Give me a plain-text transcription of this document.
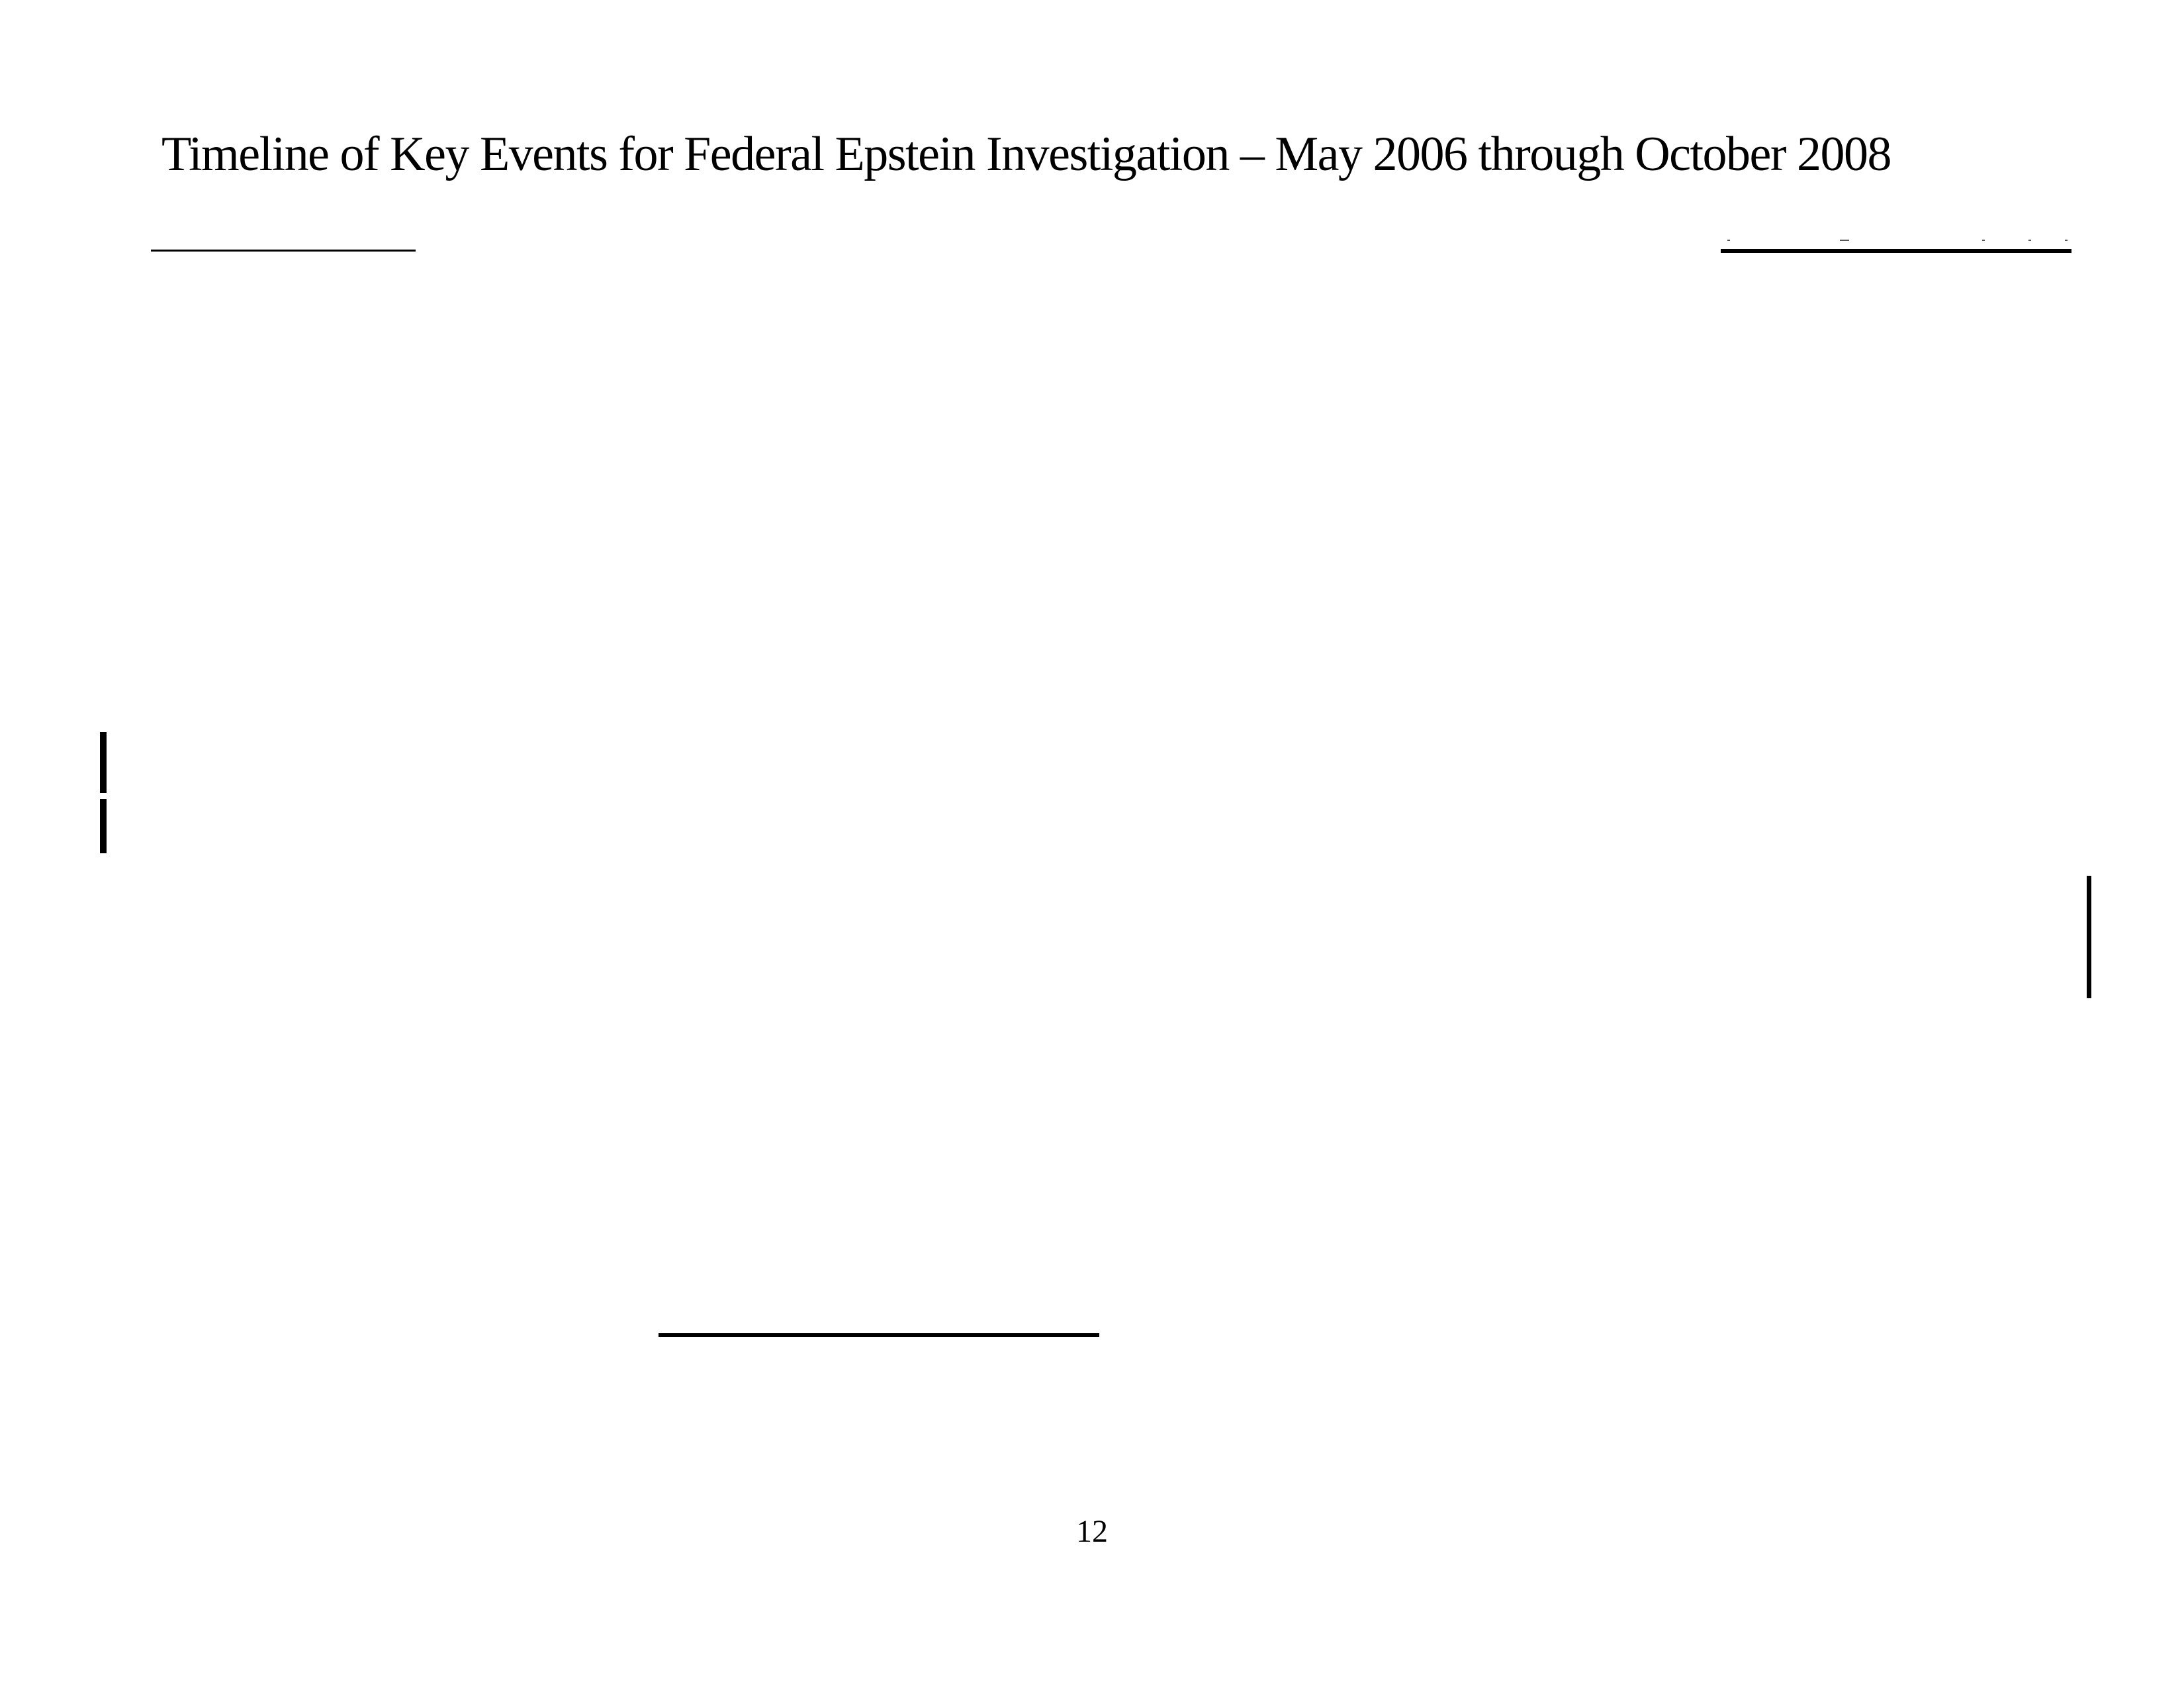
Timeline of Key Events for Federal Epstein Investigation – May 2006 through October 2008
12
